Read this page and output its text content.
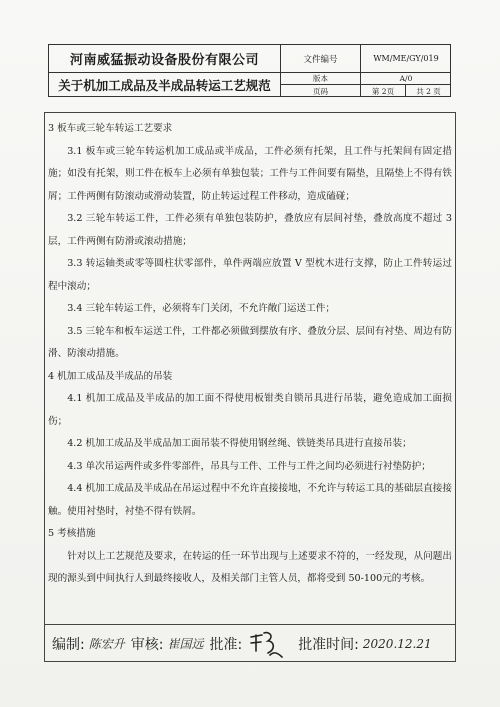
河南威猛振动设备股份有限公司
关于机加工成品及半成品转运工艺规范
文件编号	WM/ME/GY/019
版本	A/0
页码	第 2页	共 2 页

3 板车或三轮车转运工艺要求

3.1 板车或三轮车转运机加工成品或半成品，工件必须有托架，且工件与托架间有固定措施；如没有托架，则工件在板车上必须有单独包装；工件与工件间要有隔垫，且隔垫上不得有铁屑；工件两侧有防滚动或滑动装置，防止转运过程工件移动，造成磕碰；

3.2 三轮车转运工件，工件必须有单独包装防护，叠放应有层间衬垫，叠放高度不超过 3 层，工件两侧有防滑或滚动措施；

3.3 转运轴类或零等圆柱状零部件，单件两端应放置 V 型枕木进行支撑，防止工件转运过程中滚动；

3.4 三轮车转运工件，必须将车门关闭，不允许敞门运送工件；

3.5 三轮车和板车运送工件，工件都必须做到摆放有序、叠放分层、层间有衬垫、周边有防滑、防滚动措施。

4 机加工成品及半成品的吊装

4.1 机加工成品及半成品的加工面不得使用板钳类自锁吊具进行吊装，避免造成加工面损伤；

4.2 机加工成品及半成品加工面吊装不得使用钢丝绳、铁链类吊具进行直接吊装；

4.3 单次吊运两件或多件零部件，吊具与工件、工件与工件之间均必须进行衬垫防护；

4.4 机加工成品及半成品在吊运过程中不允许直接接地，不允许与转运工具的基础层直接接触。使用衬垫时，衬垫不得有铁屑。

5 考核措施

针对以上工艺规范及要求，在转运的任一环节出现与上述要求不符的，一经发现，从问题出现的源头到中间执行人到最终接收人，及相关部门主管人员，都将受到 50-100元的考核。

编制: 陈宏升 审核: 崔国远 批准:	批准时间: 2020.12.21
